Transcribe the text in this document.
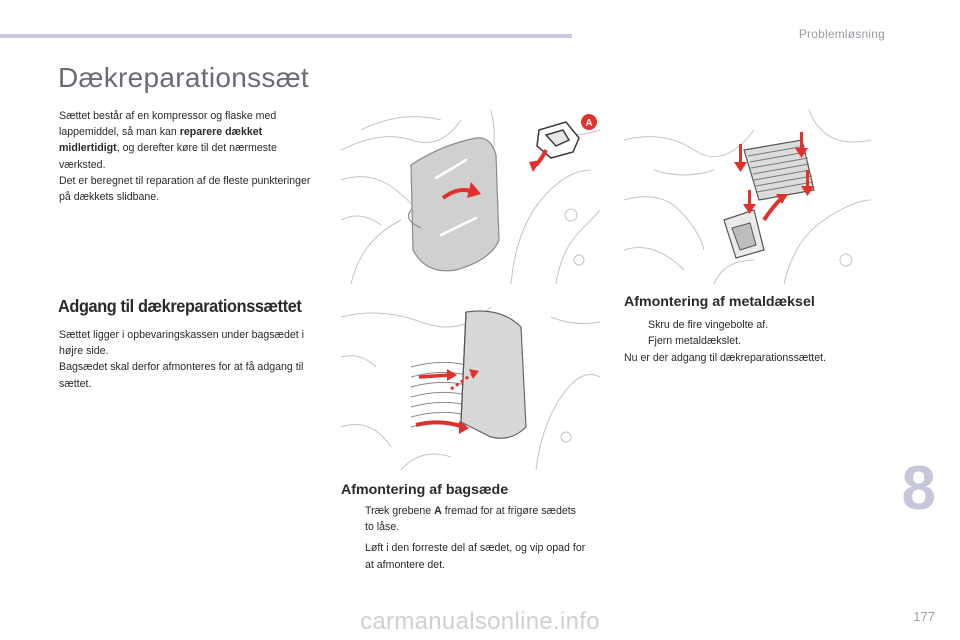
Problemløsning
Dækreparationssæt
Sættet består af en kompressor og flaske med lappemiddel, så man kan reparere dækket midlertidigt, og derefter køre til det nærmeste værksted.
Det er beregnet til reparation af de fleste punkteringer på dækkets slidbane.
Adgang til dækreparationssættet
Sættet ligger i opbevaringskassen under bagsædet i højre side.
Bagsædet skal derfor afmonteres for at få adgang til sættet.
A
Afmontering af metaldæksel
Skru de fire vingebolte af.
Fjern metaldækslet.
Nu er der adgang til dækreparationssættet.
Afmontering af bagsæde
Træk grebene A fremad for at frigøre sædets to låse.
Løft i den forreste del af sædet, og vip opad for at afmontere det.
8
carmanualsonline.info	177
